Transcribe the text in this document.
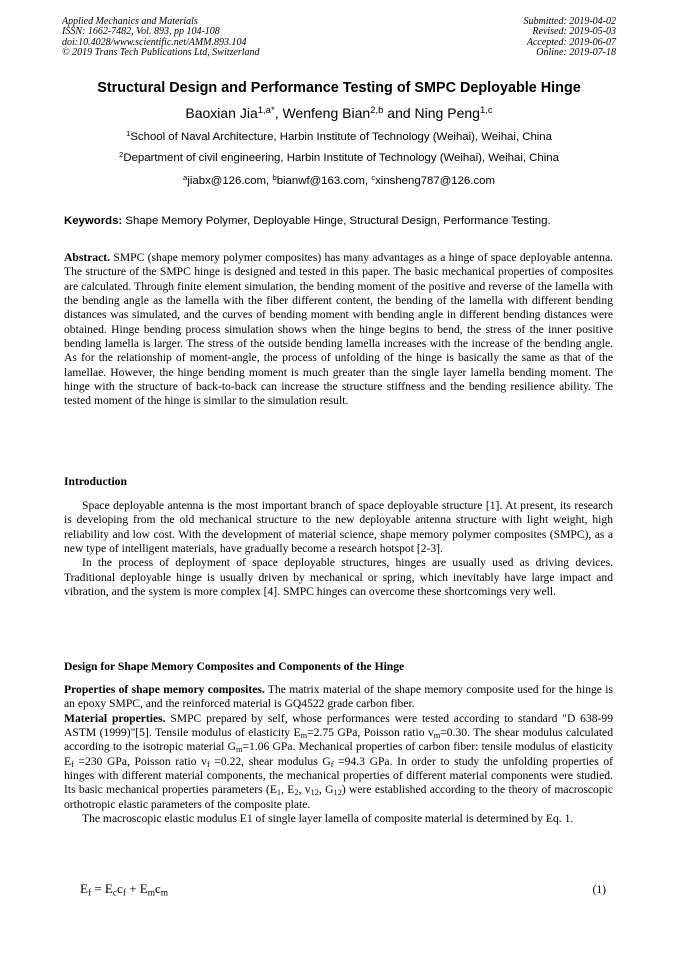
Applied Mechanics and Materials
ISSN: 1662-7482, Vol. 893, pp 104-108
doi:10.4028/www.scientific.net/AMM.893.104
© 2019 Trans Tech Publications Ltd, Switzerland
Submitted: 2019-04-02
Revised: 2019-05-03
Accepted: 2019-06-07
Online: 2019-07-18
Structural Design and Performance Testing of SMPC Deployable Hinge
Baoxian Jia$^{1,a*}$, Wenfeng Bian$^{2,b}$ and Ning Peng$^{1,c}$
$^1$School of Naval Architecture, Harbin Institute of Technology (Weihai), Weihai, China
$^2$Department of civil engineering, Harbin Institute of Technology (Weihai), Weihai, China
$^a$jiabx@126.com, $^b$bianwf@163.com, $^c$xinsheng787@126.com
Keywords: Shape Memory Polymer, Deployable Hinge, Structural Design, Performance Testing.

Abstract. SMPC (shape memory polymer composites) has many advantages as a hinge of space deployable antenna. The structure of the SMPC hinge is designed and tested in this paper. The basic mechanical properties of composites are calculated. Through finite element simulation, the bending moment of the positive and reverse of the lamella with the bending angle as the lamella with the fiber different content, the bending of the lamella with different bending distances was simulated, and the curves of bending moment with bending angle in different bending distances were obtained. Hinge bending process simulation shows when the hinge begins to bend, the stress of the inner positive bending lamella is larger. The stress of the outside bending lamella increases with the increase of the bending angle. As for the relationship of moment-angle, the process of unfolding of the hinge is basically the same as that of the lamellae. However, the hinge bending moment is much greater than the single layer lamella bending moment. The hinge with the structure of back-to-back can increase the structure stiffness and the bending resilience ability. The tested moment of the hinge is similar to the simulation result.

Introduction

Space deployable antenna is the most important branch of space deployable structure [1]. At present, its research is developing from the old mechanical structure to the new deployable antenna structure with light weight, high reliability and low cost. With the development of material science, shape memory polymer composites (SMPC), as a new type of intelligent materials, have gradually become a research hotspot [2-3].

In the process of deployment of space deployable structures, hinges are usually used as driving devices. Traditional deployable hinge is usually driven by mechanical or spring, which inevitably have large impact and vibration, and the system is more complex [4]. SMPC hinges can overcome these shortcomings very well.

Design for Shape Memory Composites and Components of the Hinge

Properties of shape memory composites. The matrix material of the shape memory composite used for the hinge is an epoxy SMPC, and the reinforced material is GQ4522 grade carbon fiber.

Material properties. SMPC prepared by self, whose performances were tested according to standard "D 638-99 ASTM (1999)"[5]. Tensile modulus of elasticity $E_m=2.75$ GPa, Poisson ratio $v_m=0.30$. The shear modulus calculated according to the isotropic material $G_m=1.06$ GPa. Mechanical properties of carbon fiber: tensile modulus of elasticity $E_f =230$ GPa, Poisson ratio $v_f =0.22$, shear modulus $G_f =94.3$ GPa. In order to study the unfolding properties of hinges with different material components, the mechanical properties of different material components were studied. Its basic mechanical properties parameters ($E_1$, $E_2$, $v_{12}$, $G_{12}$) were established according to the theory of macroscopic orthotropic elastic parameters of the composite plate.

The macroscopic elastic modulus E1 of single layer lamella of composite material is determined by Eq. 1.

$E_f = E_cc_f + E_mc_m$	(1)
